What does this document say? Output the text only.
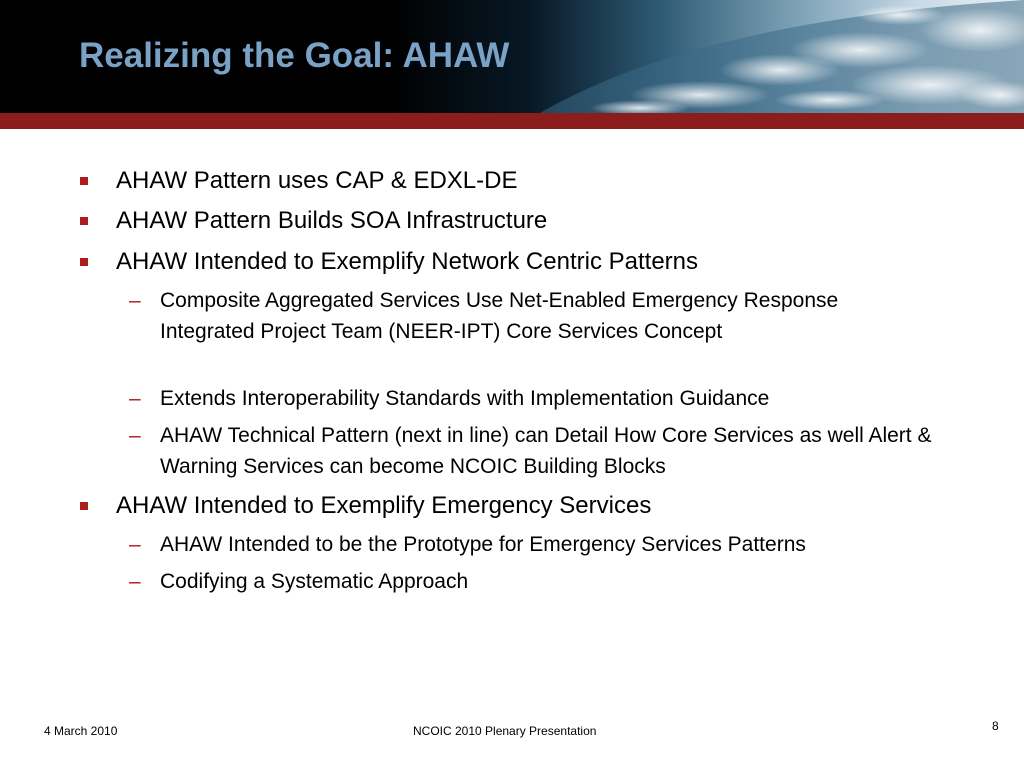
Realizing the Goal: AHAW
AHAW Pattern uses CAP & EDXL-DE
AHAW Pattern Builds SOA Infrastructure
AHAW Intended to Exemplify Network Centric Patterns
– Composite Aggregated Services Use Net-Enabled Emergency Response Integrated Project Team (NEER-IPT) Core Services Concept
– Extends Interoperability Standards with Implementation Guidance
– AHAW Technical Pattern (next in line) can Detail How Core Services as well Alert & Warning Services can become NCOIC Building Blocks
AHAW Intended to Exemplify Emergency Services
– AHAW Intended to be the Prototype for Emergency Services Patterns
– Codifying a Systematic Approach
4 March 2010	NCOIC 2010 Plenary Presentation	8
